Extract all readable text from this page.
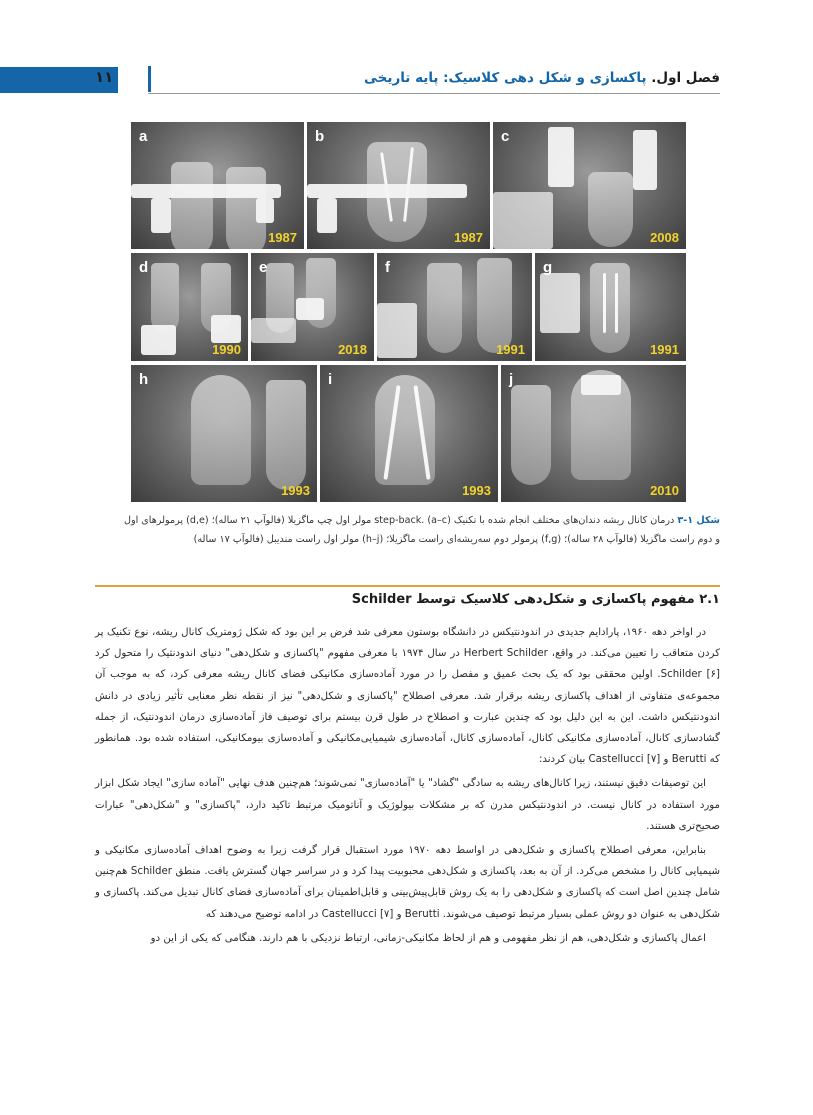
۱۱	فصل اول. پاکسازی و شکل دهی کلاسیک: پایه تاریخی
a
1987
b
1987
c
2008
d
1990
e
2018
f
1991
g
1991
h
1993
i
1993
j
2010
شکل ۱-۳ درمان کانال ریشه دندان‌های مختلف انجام شده با تکنیک step-back. (a–c) مولر اول چپ ماگزیلا (فالوآپ ۲۱ ساله)؛ (d,e) پرمولرهای اول
و دوم راست ماگزیلا (فالوآپ ۲۸ ساله)؛ (f,g) پرمولر دوم سه‌ریشه‌ای راست ماگزیلا؛ (h–j) مولر اول راست مندیبل (فالوآپ ۱۷ ساله)
۲.۱ مفهوم پاکسازی و شکل‌دهی کلاسیک توسط Schilder

در اواخر دهه ۱۹۶۰، پارادایم جدیدی در اندودنتیکس در دانشگاه بوستون معرفی شد فرض بر این بود که شکل ژومتریک کانال ریشه، نوع تکنیک پر کردن متعاقب را تعیین می‌کند. در واقع، Herbert Schilder در سال ۱۹۷۴ با معرفی مفهوم "پاکسازی و شکل‌دهی" دنیای اندودنتیک را متحول کرد Schilder [۶]. اولین محققی بود که یک بحث عمیق و مفصل را در مورد آماده‌سازی مکانیکی فضای کانال ریشه معرفی کرد، که به موجب آن مجموعه‌ی متفاوتی از اهداف پاکسازی ریشه برقرار شد. معرفی اصطلاح "پاکسازی و شکل‌دهی" نیز از نقطه نظر معنایی تأثیر زیادی در دانش اندودنتیکس داشت. این به این دلیل بود که چندین عبارت و اصطلاح در طول قرن بیستم برای توصیف فاز آماده‌سازی درمان اندودنتیک، از جمله گشادسازی کانال، آماده‌سازی مکانیکی کانال، آماده‌سازی کانال، آماده‌سازی شیمیایی‌مکانیکی و آماده‌سازی بیومکانیکی، استفاده شده بود. همانطور که Berutti و Castellucci [۷] بیان کردند:

این توصیفات دقیق نیستند، زیرا کانال‌های ریشه به سادگی "گشاد" یا "آماده‌سازی" نمی‌شوند؛ هم‌چنین هدف نهایی "آماده سازی" ایجاد شکل ابزار مورد استفاده در کانال نیست. در اندودنتیکس مدرن که بر مشکلات بیولوژیک و آناتومیک مرتبط تاکید دارد، "پاکسازی" و "شکل‌دهی" عبارات صحیح‌تری هستند.

بنابراین، معرفی اصطلاح پاکسازی و شکل‌دهی در اواسط دهه ۱۹۷۰ مورد استقبال قرار گرفت زیرا به وضوح اهداف آماده‌سازی مکانیکی و شیمیایی کانال را مشخص می‌کرد. از آن به بعد، پاکسازی و شکل‌دهی محبوبیت پیدا کرد و در سراسر جهان گسترش یافت. منطق Schilder هم‌چنین شامل چندین اصل است که پاکسازی و شکل‌دهی را به یک روش قابل‌پیش‌بینی و قابل‌اطمینان برای آماده‌سازی فضای کانال تبدیل می‌کند. پاکسازی و شکل‌دهی به عنوان دو روش عملی بسیار مرتبط توصیف می‌شوند. Berutti و Castellucci [۷] در ادامه توضیح می‌دهند که

اعمال پاکسازی و شکل‌دهی، هم از نظر مفهومی و هم از لحاظ مکانیکی-زمانی، ارتباط نزدیکی با هم دارند. هنگامی که یکی از این دو
